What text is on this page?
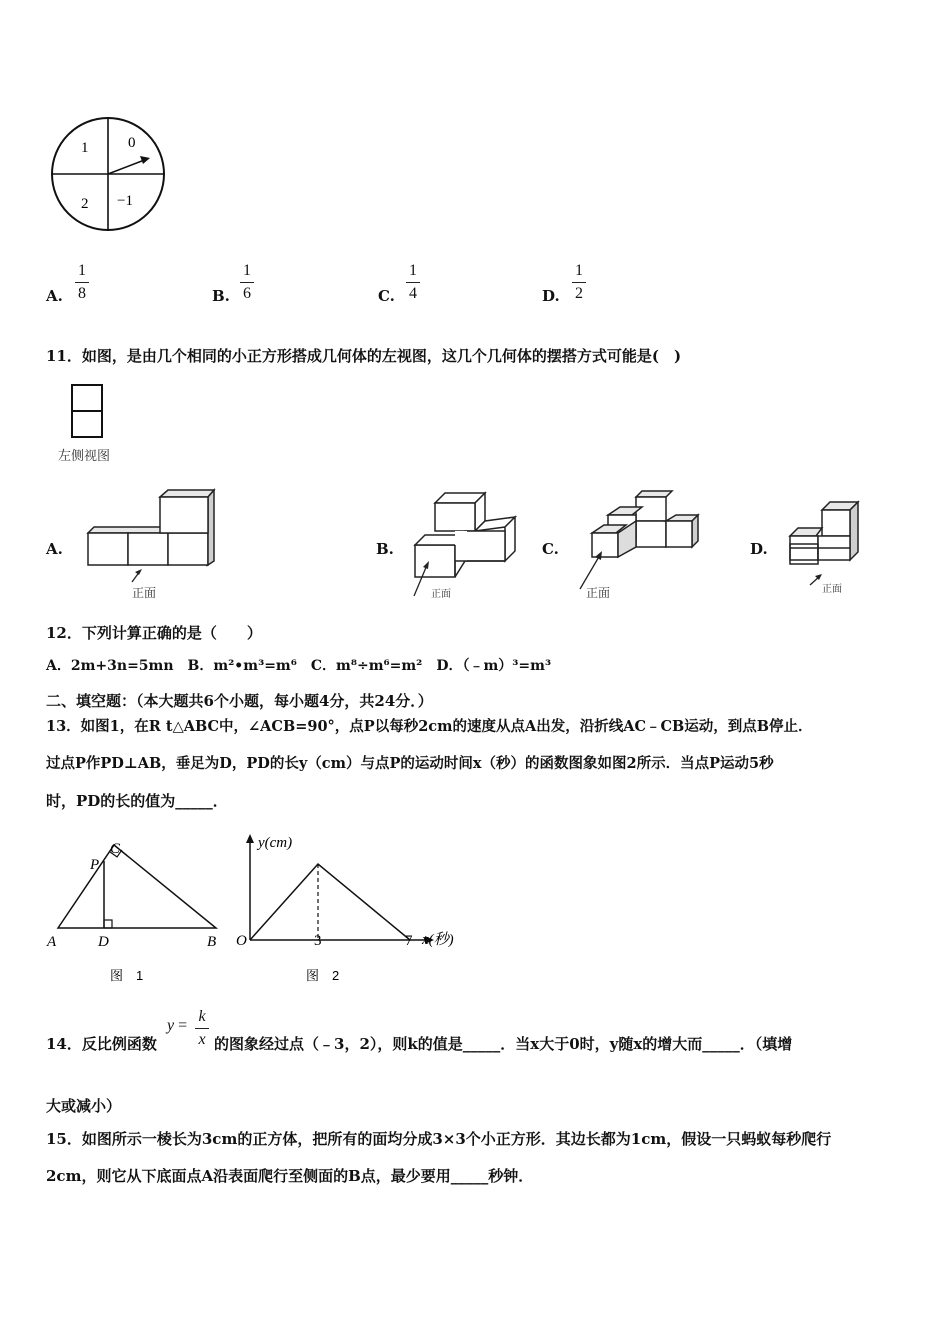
1	0
2 −1
A.
1
8	B.
1
6	C.
1
4	D.
1
2
11．如图，是由几个相同的小正方形搭成几何体的左视图，这几个几何体的摆搭方式可能是(　)
左侧视图
A.
正面
B.
正面
C.
正面
D.
正面
12．下列计算正确的是（　　）
A．2m+3n=5mn　B．m²•m³=m⁶　C．m⁸÷m⁶=m²　D．（﹣m）³=m³
二、填空题：（本大题共6个小题，每小题4分，共24分．）
13．如图1，在R t△ABC中，∠ACB=90°，点P以每秒2cm的速度从点A出发，沿折线AC﹣CB运动，到点B停止．
过点P作PD⊥AB，垂足为D，PD的长y（cm）与点P的运动时间x（秒）的函数图象如图2所示．当点P运动5秒
时，PD的长的值为_____．
C
P
A	D	B
图　1
y(cm)
x(秒)
O	3	7
图　2
14．反比例函数
y =
k
x 的图象经过点（﹣3，2），则k的值是_____．当x大于0时，y随x的增大而_____．（填增
大或减小）
15．如图所示一棱长为3cm的正方体，把所有的面均分成3×3个小正方形．其边长都为1cm，假设一只蚂蚁每秒爬行
2cm，则它从下底面点A沿表面爬行至侧面的B点，最少要用_____秒钟．
